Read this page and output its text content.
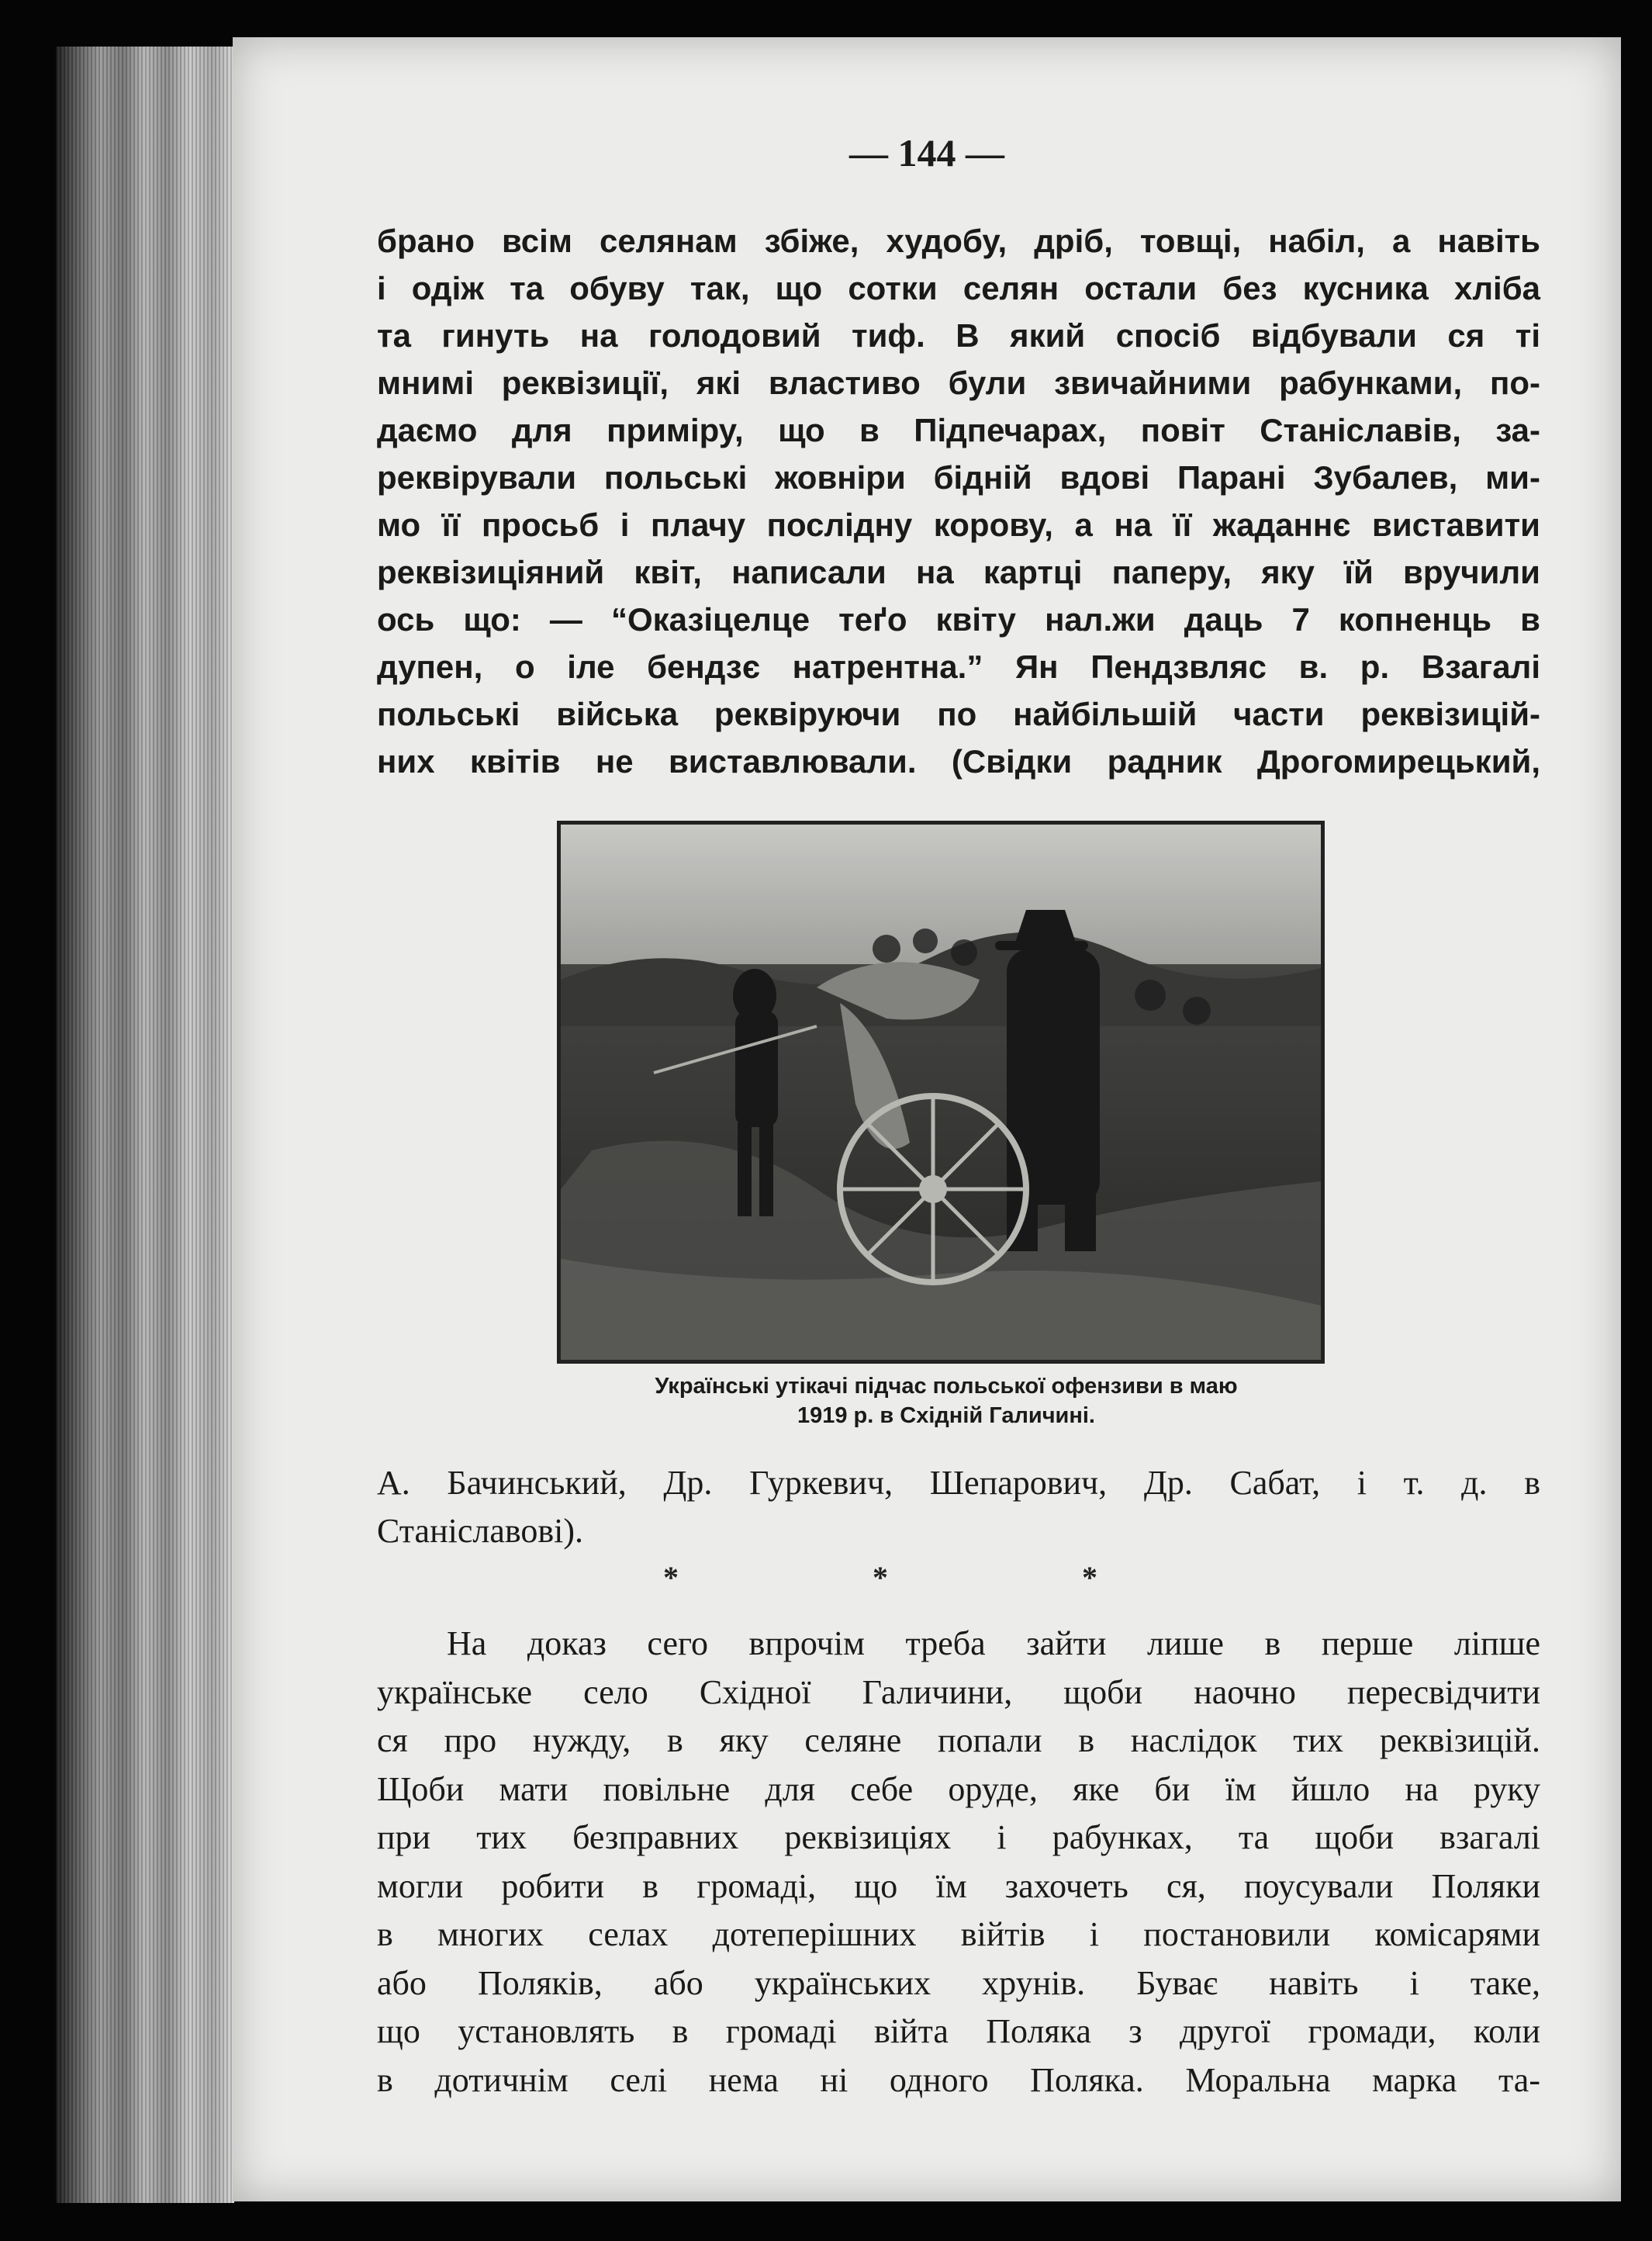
— 144 —
брано всім селянам збіже, худобу, дріб, товщі, набіл, а навіть
і одіж та обуву так, що сотки селян остали без кусника хліба
та гинуть на голодовий тиф. В який спосіб відбували ся ті
мнимі реквізиції, які властиво були звичайними рабунками, по-
даємо для приміру, що в Підпечарах, повіт Станіславів, за-
реквірували польські жовніри бідній вдові Парані Зубалев, ми-
мо її просьб і плачу послідну корову, а на її жаданнє виставити
реквізиціяний квіт, написали на картці паперу, яку їй вручили
ось що: — “Оказіцелце теґо квіту нал.жи даць 7 копненць в
дупен, о іле бендзє натрентна.” Ян Пендзвляс в. р. Взагалі
польські війська реквіруючи по найбільшій части реквізицій-
них квітів не виставлювали. (Свідки радник Дрогомирецький,
Українські утікачі підчас польської офензиви в маю
1919 р. в Східній Галичині.
А. Бачинський, Др. Гуркевич, Шепарович, Др. Сабат, і т. д. в
Станіславові).
* * *
На доказ сего впрочім треба зайти лише в перше ліпше
українське село Східної Галичини, щоби наочно пересвідчити
ся про нужду, в яку селяне попали в наслідок тих реквізицій.
Щоби мати повільне для себе оруде, яке би їм йшло на руку
при тих безправних реквізиціях і рабунках, та щоби взагалі
могли робити в громаді, що їм захочеть ся, поусували Поляки
в многих селах дотеперішних війтів і постановили комісарями
або Поляків, або українських хрунів. Буває навіть і таке,
що установлять в громаді війта Поляка з другої громади, коли
в дотичнім селі нема ні одного Поляка. Моральна марка та-
